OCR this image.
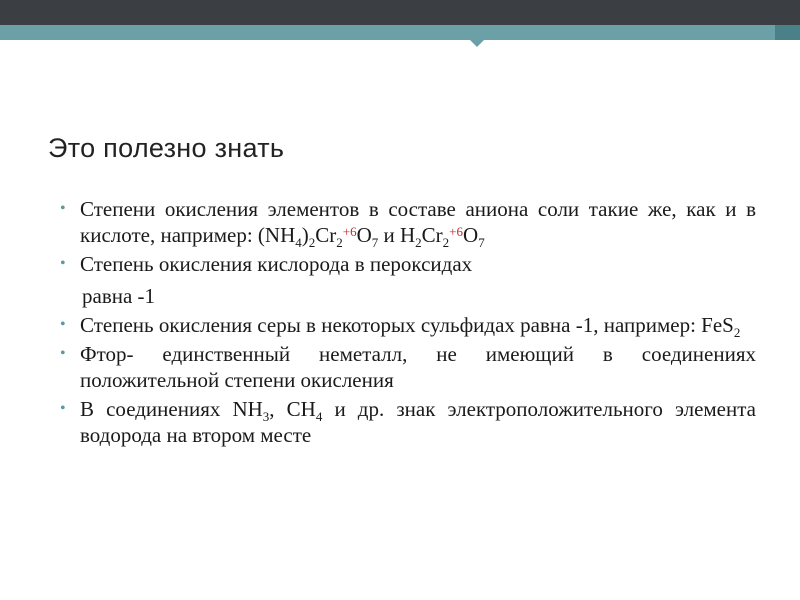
Это полезно знать
• Степени окисления элементов в составе аниона соли такие же, как и в кислоте, например: $(NH_4)_2Cr_2^{+6}O_7$ и $H_2Cr_2^{+6}O_7$
• Степень окисления кислорода в пероксидах
равна -1
• Степень окисления серы в некоторых сульфидах равна -1, например: FeS$_2$
• Фтор- единственный неметалл, не имеющий в соединениях положительной степени окисления
• В соединениях $NH_3$, $CH_4$ и др. знак электроположительного элемента водорода на втором месте
